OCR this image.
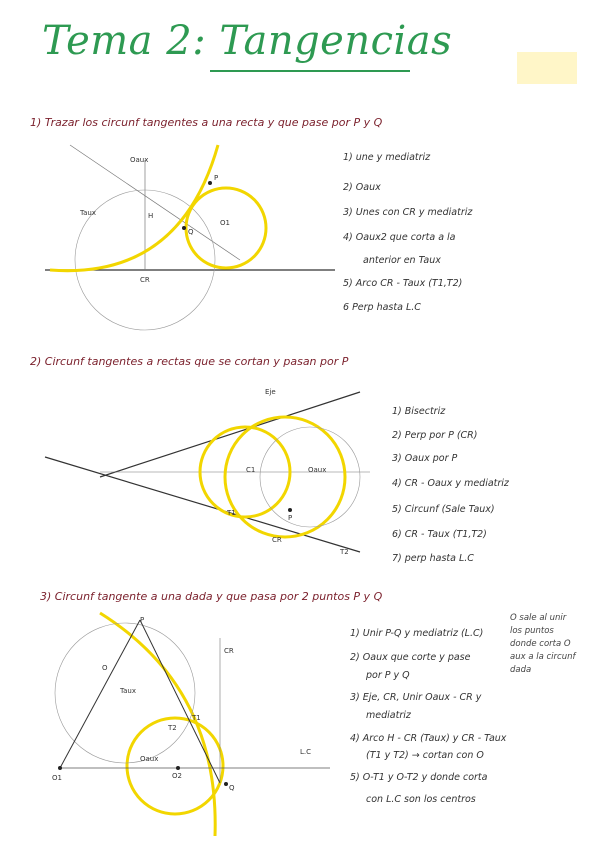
Tema 2: Tangencias
1) Trazar los circunf tangentes a una recta y que pase por P y Q
P
Q
CR
Oaux
Taux
O1
H
1) une y mediatriz
2) Oaux
3) Unes con CR y mediatriz
4) Oaux2 que corta a la
anterior en Taux
5) Arco CR - Taux (T1,T2)
6 Perp hasta L.C
2) Circunf tangentes a rectas que se cortan y pasan por P
Eje
P
CR
Oaux
T1
T2
C1
1) Bisectriz
2) Perp por P (CR)
3) Oaux por P
4) CR - Oaux y mediatriz
5) Circunf (Sale Taux)
6) CR - Taux (T1,T2)
7) perp hasta L.C
3) Circunf tangente a una dada y que pasa por 2 puntos P y Q
O1	O2
Q
P
CR
L.C
O
Oaux
Taux
T1
T2
1) Unir P-Q y mediatriz (L.C)
2) Oaux que corte y pase
por P y Q
3) Eje, CR, Unir Oaux - CR y
mediatriz
4) Arco H - CR (Taux) y CR - Taux
(T1 y T2) → cortan con O
5) O-T1 y O-T2 y donde corta
con L.C son los centros
O sale al unir los puntos donde corta O aux a la circunf dada
